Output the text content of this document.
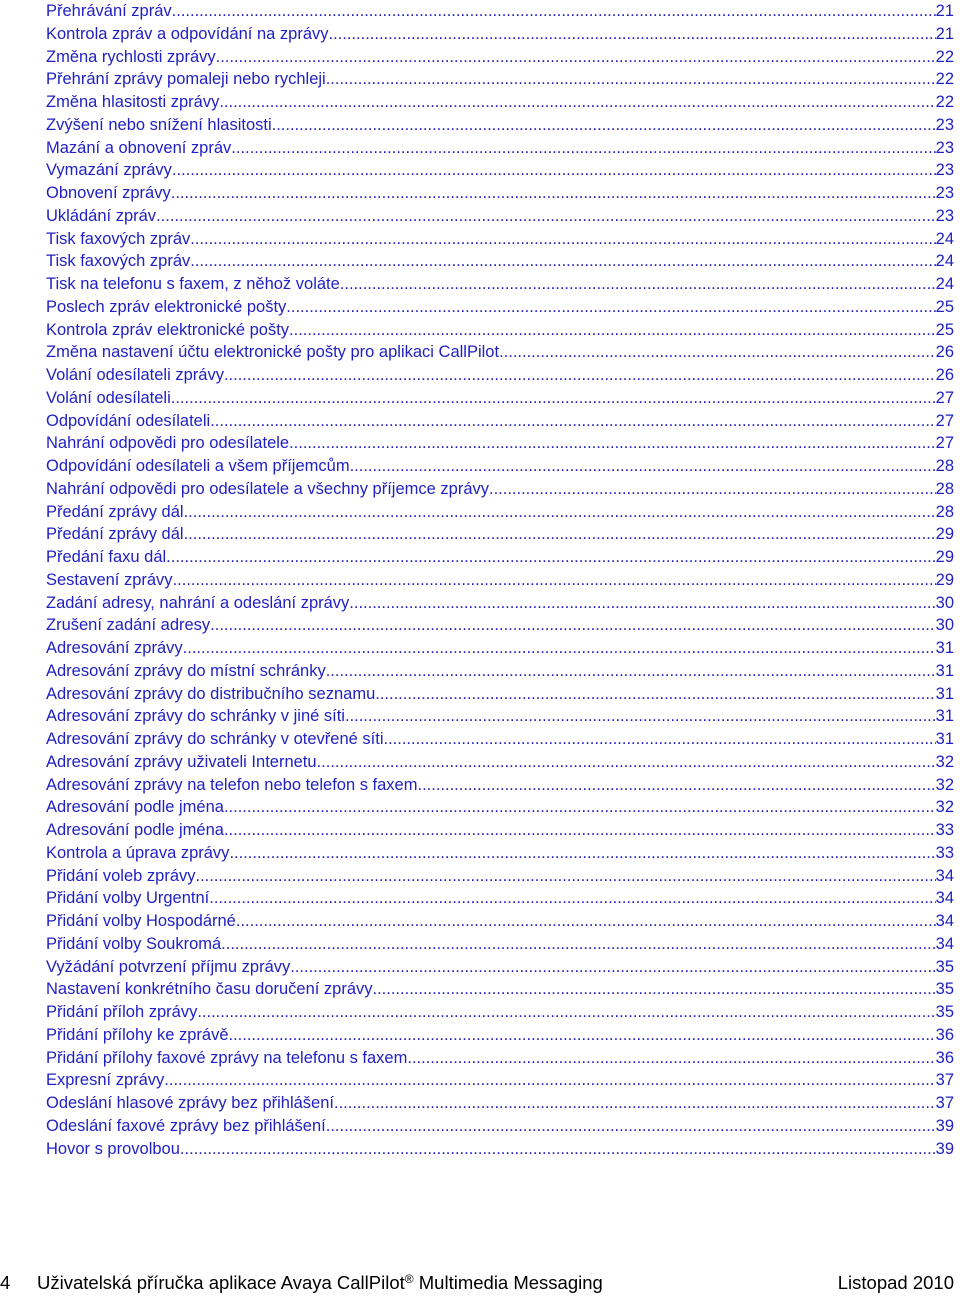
Přehrávání zpráv .....	21
Kontrola zpráv a odpovídání na zprávy .....	21
Změna rychlosti zprávy .....	22
Přehrání zprávy pomaleji nebo rychleji .....	22
Změna hlasitosti zprávy .....	22
Zvýšení nebo snížení hlasitosti .....	23
Mazání a obnovení zpráv .....	23
Vymazání zprávy .....	23
Obnovení zprávy .....	23
Ukládání zpráv .....	23
Tisk faxových zpráv .....	24
Tisk faxových zpráv .....	24
Tisk na telefonu s faxem, z něhož voláte .....	24
Poslech zpráv elektronické pošty .....	25
Kontrola zpráv elektronické pošty .....	25
Změna nastavení účtu elektronické pošty pro aplikaci CallPilot .....	26
Volání odesílateli zprávy .....	26
Volání odesílateli .....	27
Odpovídání odesílateli .....	27
Nahrání odpovědi pro odesílatele .....	27
Odpovídání odesílateli a všem příjemcům .....	28
Nahrání odpovědi pro odesílatele a všechny příjemce zprávy .....	28
Předání zprávy dál .....	28
Předání zprávy dál .....	29
Předání faxu dál .....	29
Sestavení zprávy .....	29
Zadání adresy, nahrání a odeslání zprávy .....	30
Zrušení zadání adresy .....	30
Adresování zprávy .....	31
Adresování zprávy do místní schránky .....	31
Adresování zprávy do distribučního seznamu .....	31
Adresování zprávy do schránky v jiné síti .....	31
Adresování zprávy do schránky v otevřené síti .....	31
Adresování zprávy uživateli Internetu .....	32
Adresování zprávy na telefon nebo telefon s faxem .....	32
Adresování podle jména .....	32
Adresování podle jména .....	33
Kontrola a úprava zprávy .....	33
Přidání voleb zprávy .....	34
Přidání volby Urgentní .....	34
Přidání volby Hospodárné .....	34
Přidání volby Soukromá .....	34
Vyžádání potvrzení příjmu zprávy .....	35
Nastavení konkrétního času doručení zprávy .....	35
Přidání příloh zprávy .....	35
Přidání přílohy ke zprávě .....	36
Přidání přílohy faxové zprávy na telefonu s faxem .....	36
Expresní zprávy .....	37
Odeslání hlasové zprávy bez přihlášení .....	37
Odeslání faxové zprávy bez přihlášení .....	39
Hovor s provolbou .....	39
4 Uživatelská příručka aplikace Avaya CallPilot® Multimedia Messaging	Listopad 2010
